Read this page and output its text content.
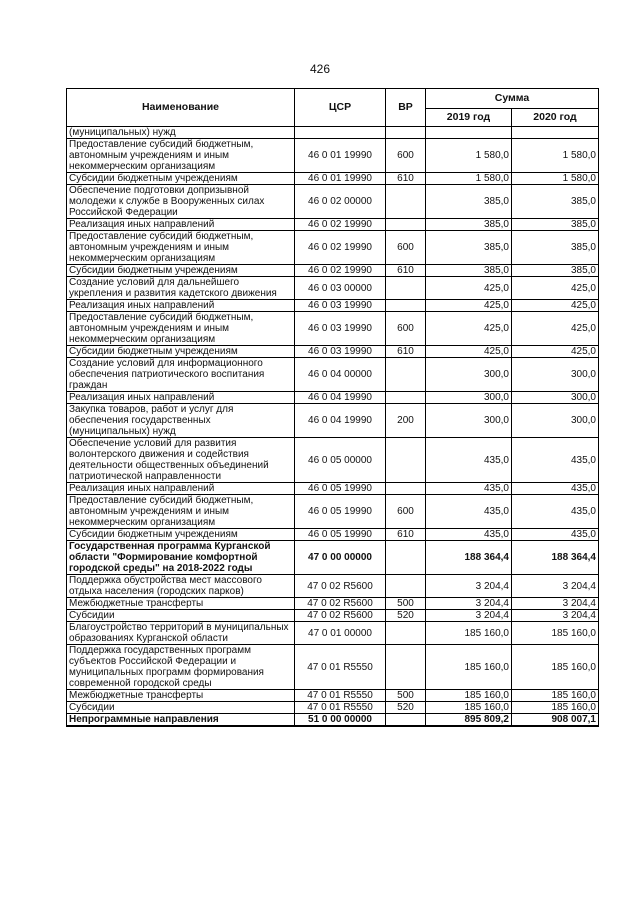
426
Наименование	ЦСР	ВР	Сумма	
			2019 год	2020 год
(муниципальных) нужд				
Предоставление субсидий бюджетным, автономным учреждениям и иным некоммерческим организациям	46 0 01 19990	600	1 580,0	1 580,0
Субсидии бюджетным учреждениям	46 0 01 19990	610	1 580,0	1 580,0
Обеспечение подготовки допризывной молодежи к службе в Вооруженных силах Российской Федерации	46 0 02 00000		385,0	385,0
Реализация иных направлений	46 0 02 19990		385,0	385,0
Предоставление субсидий бюджетным, автономным учреждениям и иным некоммерческим организациям	46 0 02 19990	600	385,0	385,0
Субсидии бюджетным учреждениям	46 0 02 19990	610	385,0	385,0
Создание условий для дальнейшего укрепления и развития кадетского движения	46 0 03 00000		425,0	425,0
Реализация иных направлений	46 0 03 19990		425,0	425,0
Предоставление субсидий бюджетным, автономным учреждениям и иным некоммерческим организациям	46 0 03 19990	600	425,0	425,0
Субсидии бюджетным учреждениям	46 0 03 19990	610	425,0	425,0
Создание условий для информационного обеспечения патриотического воспитания граждан	46 0 04 00000		300,0	300,0
Реализация иных направлений	46 0 04 19990		300,0	300,0
Закупка товаров, работ и услуг для обеспечения государственных (муниципальных) нужд	46 0 04 19990	200	300,0	300,0
Обеспечение условий для развития волонтерского движения и содействия деятельности общественных объединений патриотической направленности	46 0 05 00000		435,0	435,0
Реализация иных направлений	46 0 05 19990		435,0	435,0
Предоставление субсидий бюджетным, автономным учреждениям и иным некоммерческим организациям	46 0 05 19990	600	435,0	435,0
Субсидии бюджетным учреждениям	46 0 05 19990	610	435,0	435,0
Государственная программа Курганской области "Формирование комфортной городской среды" на 2018-2022 годы	47 0 00 00000		188 364,4	188 364,4
Поддержка обустройства мест массового отдыха населения (городских парков)	47 0 02 R5600		3 204,4	3 204,4
Межбюджетные трансферты	47 0 02 R5600	500	3 204,4	3 204,4
Субсидии	47 0 02 R5600	520	3 204,4	3 204,4
Благоустройство территорий в муниципальных образованиях Курганской области	47 0 01 00000		185 160,0	185 160,0
Поддержка государственных программ субъектов Российской Федерации и муниципальных программ формирования современной городской среды	47 0 01 R5550		185 160,0	185 160,0
Межбюджетные трансферты	47 0 01 R5550	500	185 160,0	185 160,0
Субсидии	47 0 01 R5550	520	185 160,0	185 160,0
Непрограммные направления	51 0 00 00000		895 809,2	908 007,1
